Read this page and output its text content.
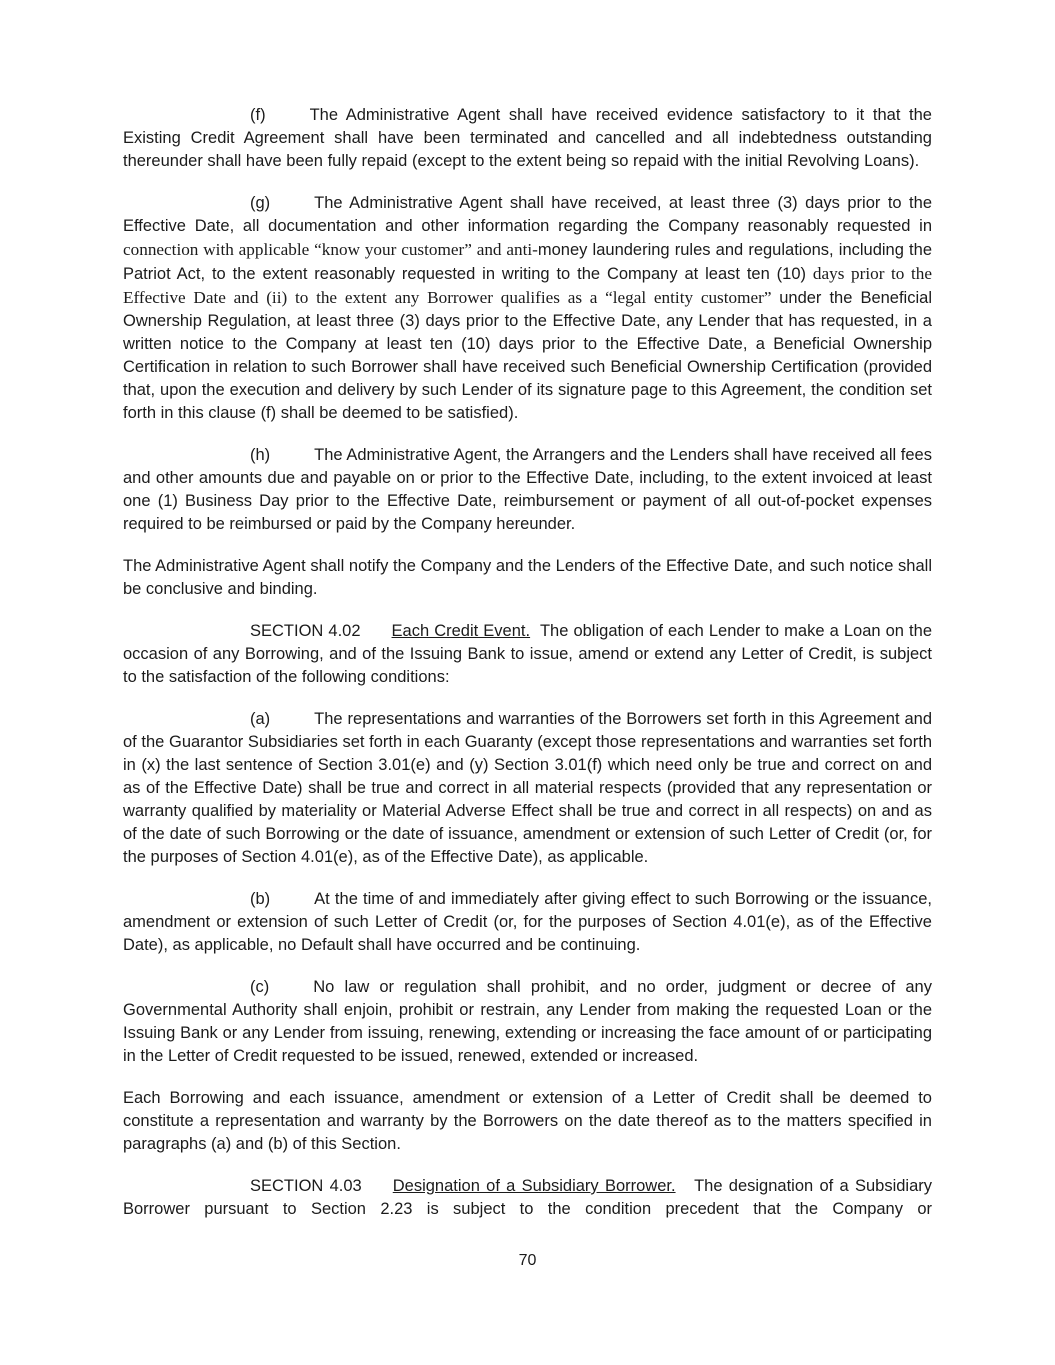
(f)	The Administrative Agent shall have received evidence satisfactory to it that the Existing Credit Agreement shall have been terminated and cancelled and all indebtedness outstanding thereunder shall have been fully repaid (except to the extent being so repaid with the initial Revolving Loans).

(g)	The Administrative Agent shall have received, at least three (3) days prior to the Effective Date, all documentation and other information regarding the Company reasonably requested in connection with applicable “know your customer” and anti-money laundering rules and regulations, including the Patriot Act, to the extent reasonably requested in writing to the Company at least ten (10) days prior to the Effective Date and (ii) to the extent any Borrower qualifies as a “legal entity customer” under the Beneficial Ownership Regulation, at least three (3) days prior to the Effective Date, any Lender that has requested, in a written notice to the Company at least ten (10) days prior to the Effective Date, a Beneficial Ownership Certification in relation to such Borrower shall have received such Beneficial Ownership Certification (provided that, upon the execution and delivery by such Lender of its signature page to this Agreement, the condition set forth in this clause (f) shall be deemed to be satisfied).

(h)	The Administrative Agent, the Arrangers and the Lenders shall have received all fees and other amounts due and payable on or prior to the Effective Date, including, to the extent invoiced at least one (1) Business Day prior to the Effective Date, reimbursement or payment of all out-of-pocket expenses required to be reimbursed or paid by the Company hereunder.

The Administrative Agent shall notify the Company and the Lenders of the Effective Date, and such notice shall be conclusive and binding.

SECTION 4.02 Each Credit Event.  The obligation of each Lender to make a Loan on the occasion of any Borrowing, and of the Issuing Bank to issue, amend or extend any Letter of Credit, is subject to the satisfaction of the following conditions:

(a)	The representations and warranties of the Borrowers set forth in this Agreement and of the Guarantor Subsidiaries set forth in each Guaranty (except those representations and warranties set forth in (x) the last sentence of Section 3.01(e) and (y) Section 3.01(f) which need only be true and correct on and as of the Effective Date) shall be true and correct in all material respects (provided that any representation or warranty qualified by materiality or Material Adverse Effect shall be true and correct in all respects) on and as of the date of such Borrowing or the date of issuance, amendment or extension of such Letter of Credit (or, for the purposes of Section 4.01(e), as of the Effective Date), as applicable.

(b)	At the time of and immediately after giving effect to such Borrowing or the issuance, amendment or extension of such Letter of Credit (or, for the purposes of Section 4.01(e), as of the Effective Date), as applicable, no Default shall have occurred and be continuing.

(c)	No law or regulation shall prohibit, and no order, judgment or decree of any Governmental Authority shall enjoin, prohibit or restrain, any Lender from making the requested Loan or the Issuing Bank or any Lender from issuing, renewing, extending or increasing the face amount of or participating in the Letter of Credit requested to be issued, renewed, extended or increased.

Each Borrowing and each issuance, amendment or extension of a Letter of Credit shall be deemed to constitute a representation and warranty by the Borrowers on the date thereof as to the matters specified in paragraphs (a) and (b) of this Section.

SECTION 4.03 Designation of a Subsidiary Borrower.   The designation of a Subsidiary Borrower pursuant to Section 2.23 is subject to the condition precedent that the Company or

70
